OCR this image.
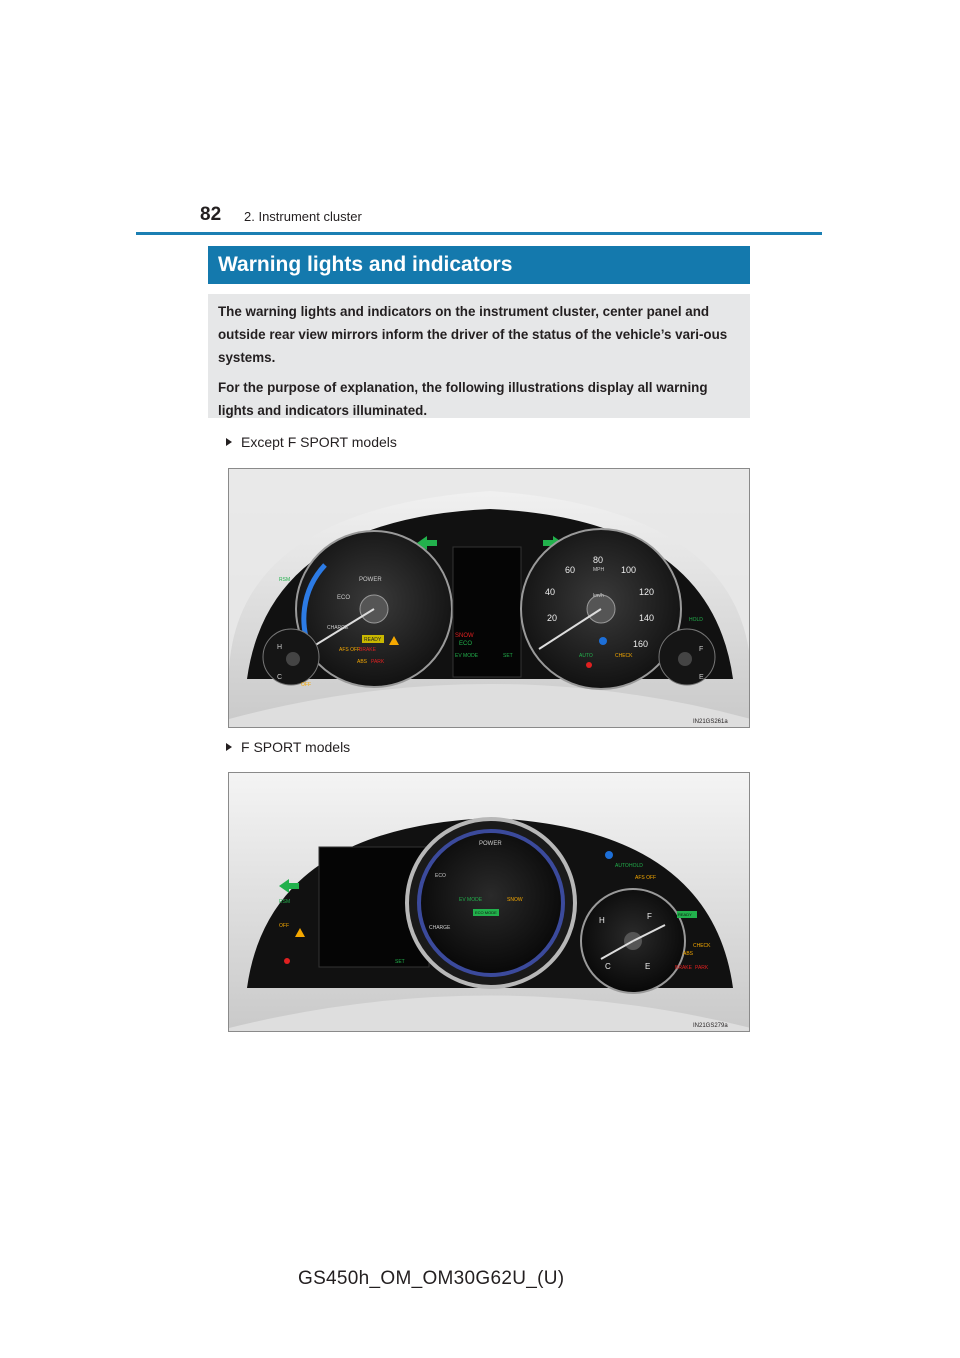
82 2. Instrument cluster
Warning lights and indicators

The warning lights and indicators on the instrument cluster, center panel and outside rear view mirrors inform the driver of the status of the vehicle’s vari-ous systems.

For the purpose of explanation, the following illustrations display all warning lights and indicators illuminated.

Except F SPORT models
POWER
ECO
CHARGE
READY
AFS OFF
BRAKE
ABS PARK
H
C
RSM
OFF
SNOW
ECO
EV MODE	SET
20
40
60
80
100
120
140
160
MPH
km/h
AUTO	CHECK
F
E
HOLD
IN21GS261a
F SPORT models
SET
RSM
OFF
POWER
ECO
CHARGE
EV MODE	SNOW
ECO MODE
AUTO HOLD
AFS OFF
H
C
F
E
READY
ABS
CHECK
BRAKE PARK
IN21GS279a
GS450h_OM_OM30G62U_(U)
